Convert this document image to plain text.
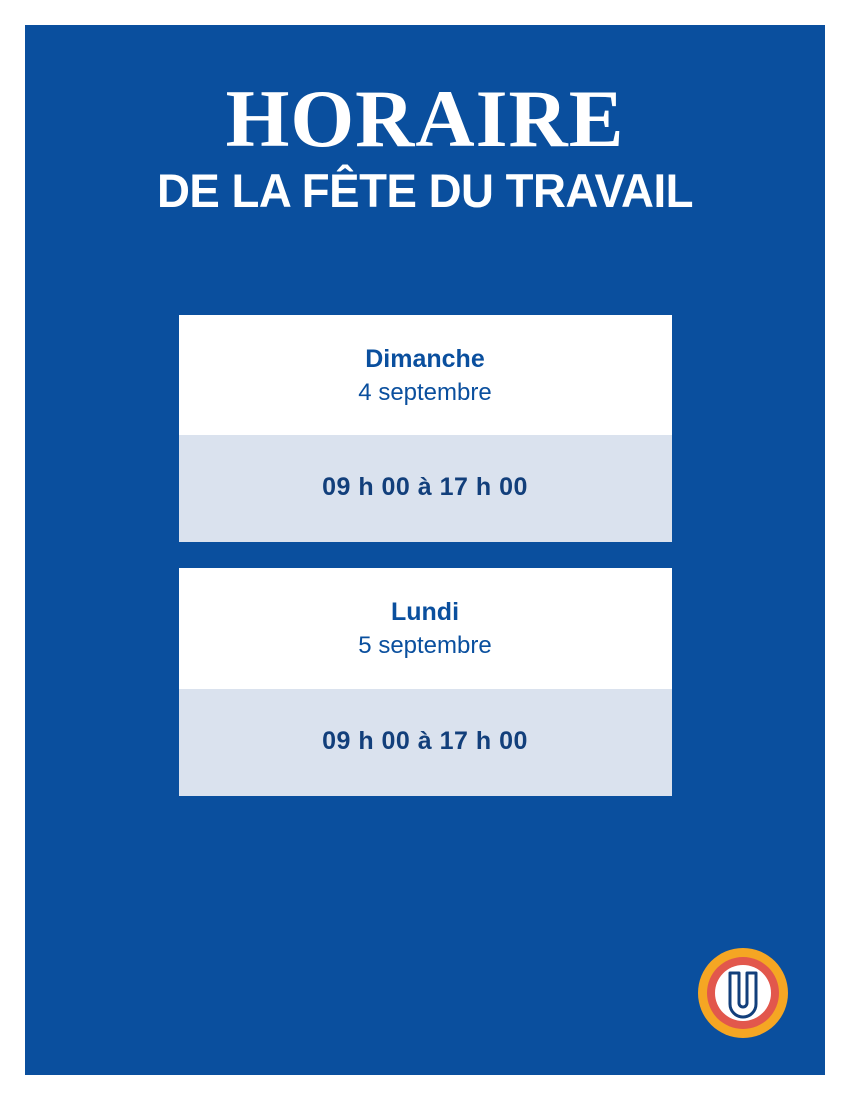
HORAIRE
DE LA FÊTE DU TRAVAIL
Dimanche
4 septembre
09 h 00 à 17 h 00
Lundi
5 septembre
09 h 00 à 17 h 00
